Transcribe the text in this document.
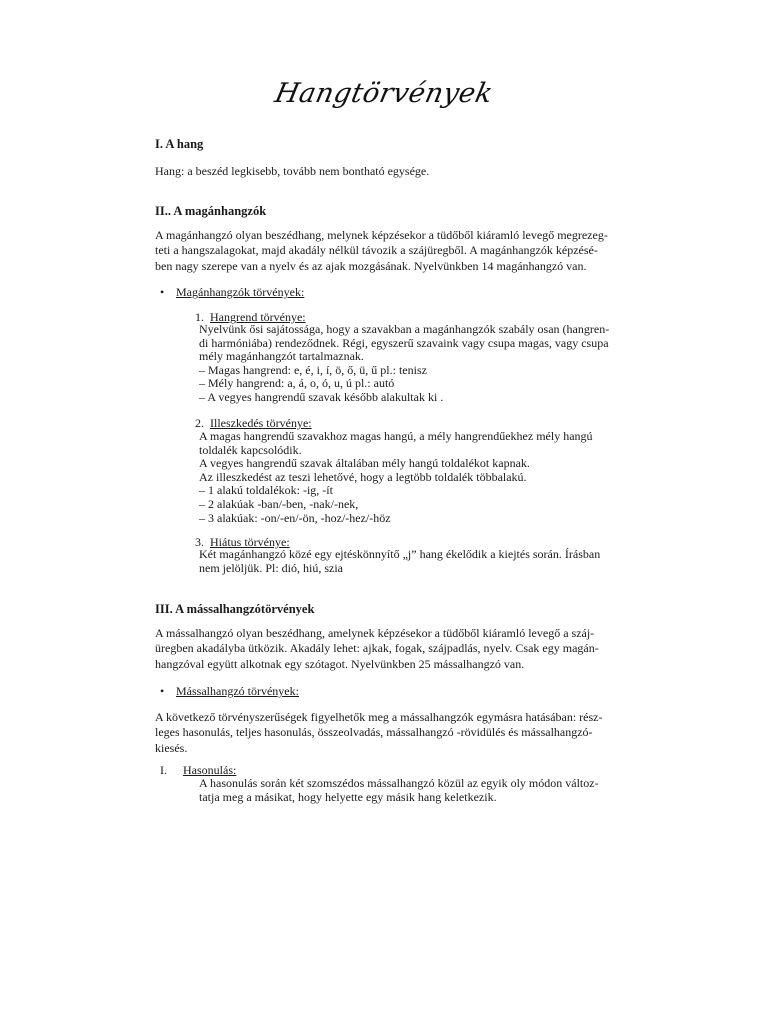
Hangtörvények
I. A hang
Hang: a beszéd legkisebb, tovább nem bontható egysége.
II.. A magánhangzók
A magánhangzó olyan beszédhang, melynek képzésekor a tüdőből kiáramló levegő megrezeg-
teti a hangszalagokat, majd akadály nélkül távozik a szájüregből. A magánhangzók képzésé-
ben nagy szerepe van a nyelv és az ajak mozgásának. Nyelvünkben 14 magánhangzó van.
• Magánhangzók törvények:
1. Hangrend törvénye:
Nyelvünk ősi sajátossága, hogy a szavakban a magánhangzók szabály osan (hangren-
di harmóniába) rendeződnek. Régi, egyszerű szavaink vagy csupa magas, vagy csupa
mély magánhangzót tartalmaznak.
– Magas hangrend: e, é, i, í, ö, ő, ü, ű pl.: tenisz
– Mély hangrend: a, á, o, ó, u, ú pl.: autó
– A vegyes hangrendű szavak később alakultak ki .
2. Illeszkedés törvénye:
A magas hangrendű szavakhoz magas hangú, a mély hangrendűekhez mély hangú
toldalék kapcsolódik.
A vegyes hangrendű szavak általában mély hangú toldalékot kapnak.
Az illeszkedést az teszi lehetővé, hogy a legtöbb toldalék többalakú.
– 1 alakú toldalékok: -ig, -ít
– 2 alakúak -ban/-ben, -nak/-nek,
– 3 alakúak: -on/-en/-ön, -hoz/-hez/-höz
3. Hiátus törvénye:
Két magánhangzó közé egy ejtéskönnyítő „j” hang ékelődik a kiejtés során. Írásban
nem jelöljük. Pl: dió, hiú, szia
III. A mássalhangzótörvények
A mássalhangzó olyan beszédhang, amelynek képzésekor a tüdőből kiáramló levegő a száj-
üregben akadályba ütközik. Akadály lehet: ajkak, fogak, szájpadlás, nyelv. Csak egy magán-
hangzóval együtt alkotnak egy szótagot. Nyelvünkben 25 mássalhangzó van.
• Mássalhangzó törvények:
A következő törvényszerűségek figyelhetők meg a mássalhangzók egymásra hatásában: rész-
leges hasonulás, teljes hasonulás, összeolvadás, mássalhangzó -rövidülés és mássalhangzó-
kiesés.
I. Hasonulás:
A hasonulás során két szomszédos mássalhangzó közül az egyik oly módon változ-
tatja meg a másikat, hogy helyette egy másik hang keletkezik.
